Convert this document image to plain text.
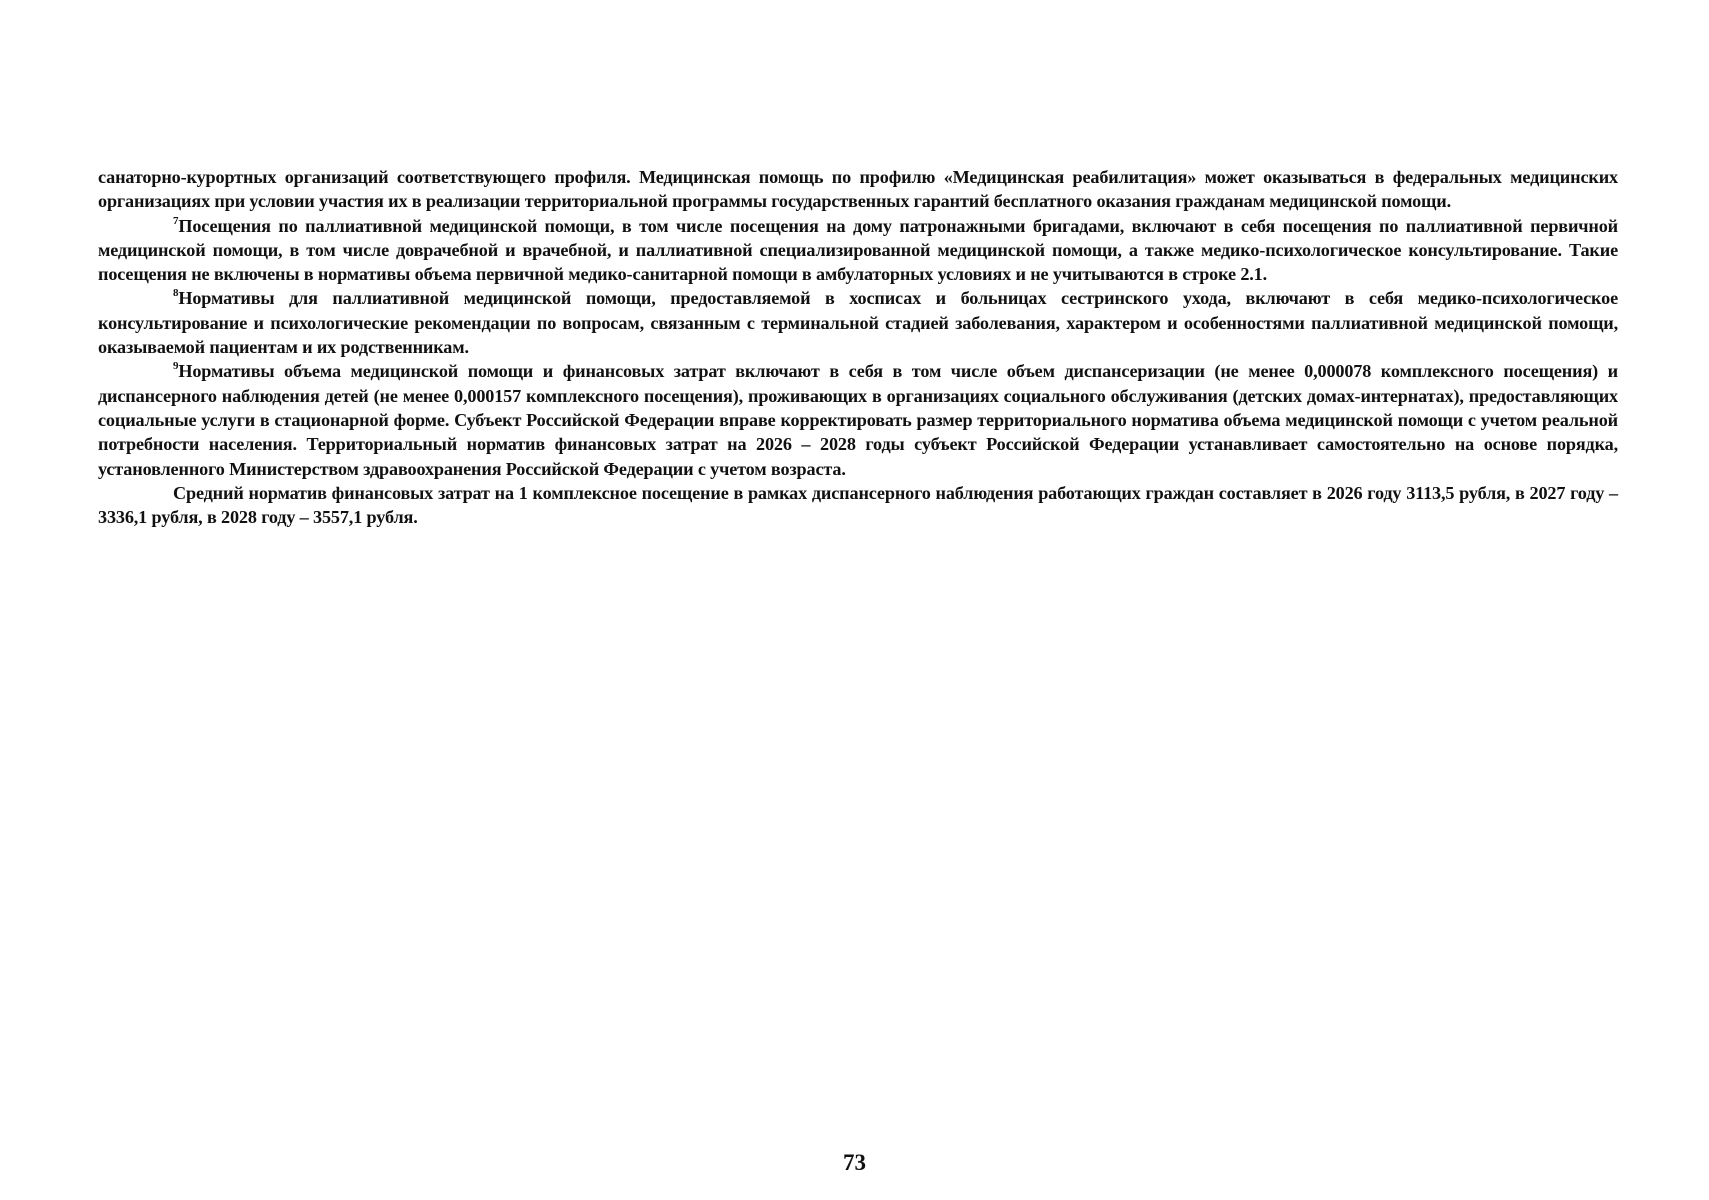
санаторно-курортных организаций соответствующего профиля. Медицинская помощь по профилю «Медицинская реабилитация» может оказываться в федеральных медицинских организациях при условии участия их в реализации территориальной программы государственных гарантий бесплатного оказания гражданам медицинской помощи.

$^7$Посещения по паллиативной медицинской помощи, в том числе посещения на дому патронажными бригадами, включают в себя посещения по паллиативной первичной медицинской помощи, в том числе доврачебной и врачебной, и паллиативной специализированной медицинской помощи, а также медико-психологическое консультирование. Такие посещения не включены в нормативы объема первичной медико-санитарной помощи в амбулаторных условиях и не учитываются в строке 2.1.

$^8$Нормативы для паллиативной медицинской помощи, предоставляемой в хосписах и больницах сестринского ухода, включают в себя медико-психологическое консультирование и психологические рекомендации по вопросам, связанным с терминальной стадией заболевания, характером и особенностями паллиативной медицинской помощи, оказываемой пациентам и их родственникам.

$^9$Нормативы объема медицинской помощи и финансовых затрат включают в себя в том числе объем диспансеризации (не менее 0,000078 комплексного посещения) и диспансерного наблюдения детей (не менее 0,000157 комплексного посещения), проживающих в организациях социального обслуживания (детских домах-интернатах), предоставляющих социальные услуги в стационарной форме. Субъект Российской Федерации вправе корректировать размер территориального норматива объема медицинской помощи с учетом реальной потребности населения. Территориальный норматив финансовых затрат на 2026 – 2028 годы субъект Российской Федерации устанавливает самостоятельно на основе порядка, установленного Министерством здравоохранения Российской Федерации с учетом возраста.

Средний норматив финансовых затрат на 1 комплексное посещение в рамках диспансерного наблюдения работающих граждан составляет в 2026 году 3113,5 рубля, в 2027 году – 3336,1 рубля, в 2028 году – 3557,1 рубля.

73
